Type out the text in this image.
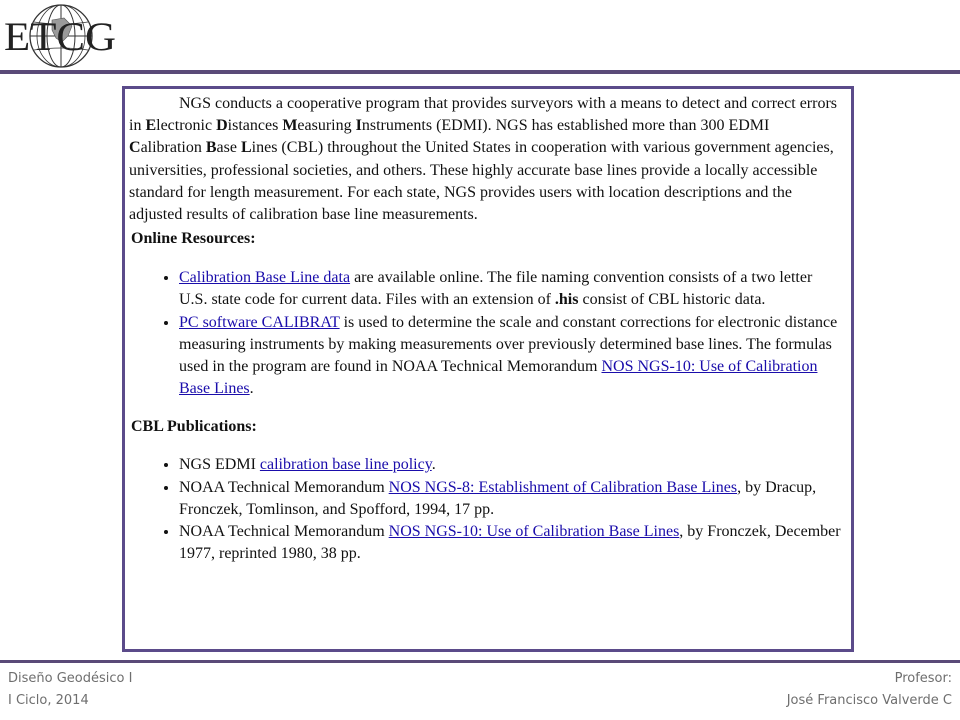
ETCG

NGS conducts a cooperative program that provides surveyors with a means to detect and correct errors in Electronic Distances Measuring Instruments (EDMI). NGS has established more than 300 EDMI Calibration Base Lines (CBL) throughout the United States in cooperation with various government agencies, universities, professional societies, and others. These highly accurate base lines provide a locally accessible standard for length measurement. For each state, NGS provides users with location descriptions and the adjusted results of calibration base line measurements.

Online Resources:
• Calibration Base Line data are available online. The file naming convention consists of a two letter U.S. state code for current data. Files with an extension of .his consist of CBL historic data.
• PC software CALIBRAT is used to determine the scale and constant corrections for electronic distance measuring instruments by making measurements over previously determined base lines. The formulas used in the program are found in NOAA Technical Memorandum NOS NGS-10: Use of Calibration Base Lines.
CBL Publications:
• NGS EDMI calibration base line policy.
• NOAA Technical Memorandum NOS NGS-8: Establishment of Calibration Base Lines, by Dracup, Fronczek, Tomlinson, and Spofford, 1994, 17 pp.
• NOAA Technical Memorandum NOS NGS-10: Use of Calibration Base Lines, by Fronczek, December 1977, reprinted 1980, 38 pp.
Diseño Geodésico I
I Ciclo, 2014
Profesor:
José Francisco Valverde C
